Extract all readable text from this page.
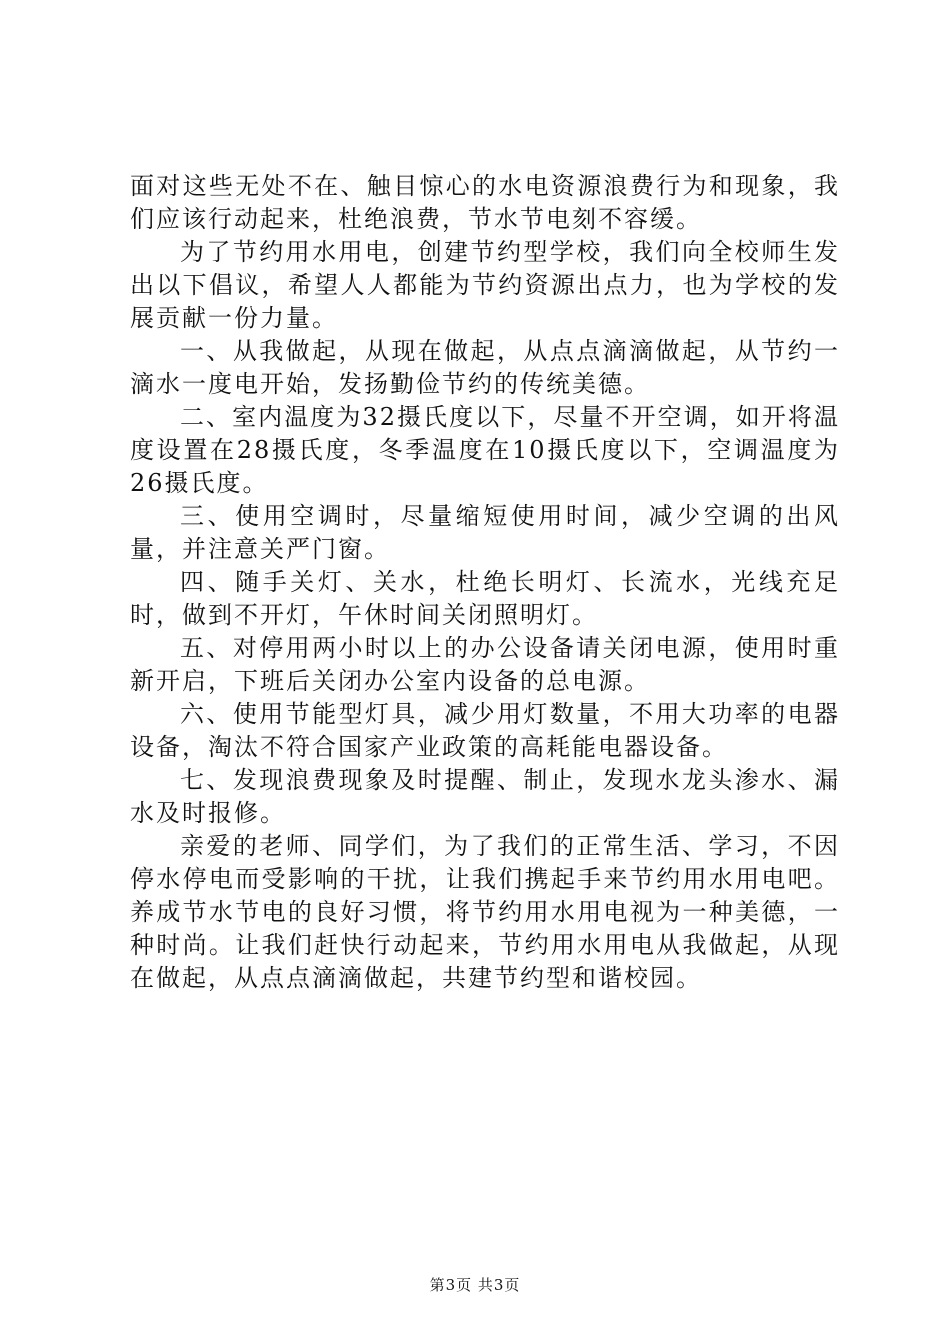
面对这些无处不在、触目惊心的水电资源浪费行为和现象，我们应该行动起来，杜绝浪费，节水节电刻不容缓。

为了节约用水用电，创建节约型学校，我们向全校师生发出以下倡议，希望人人都能为节约资源出点力，也为学校的发展贡献一份力量。

一、从我做起，从现在做起，从点点滴滴做起，从节约一滴水一度电开始，发扬勤俭节约的传统美德。

二、室内温度为32摄氏度以下，尽量不开空调，如开将温度设置在28摄氏度，冬季温度在10摄氏度以下，空调温度为26摄氏度。

三、使用空调时，尽量缩短使用时间，减少空调的出风量，并注意关严门窗。

四、随手关灯、关水，杜绝长明灯、长流水，光线充足时，做到不开灯，午休时间关闭照明灯。

五、对停用两小时以上的办公设备请关闭电源，使用时重新开启，下班后关闭办公室内设备的总电源。

六、使用节能型灯具，减少用灯数量，不用大功率的电器设备，淘汰不符合国家产业政策的高耗能电器设备。

七、发现浪费现象及时提醒、制止，发现水龙头渗水、漏水及时报修。

亲爱的老师、同学们，为了我们的正常生活、学习，不因停水停电而受影响的干扰，让我们携起手来节约用水用电吧。养成节水节电的良好习惯，将节约用水用电视为一种美德，一种时尚。让我们赶快行动起来，节约用水用电从我做起，从现在做起，从点点滴滴做起，共建节约型和谐校园。

第3页 共3页
